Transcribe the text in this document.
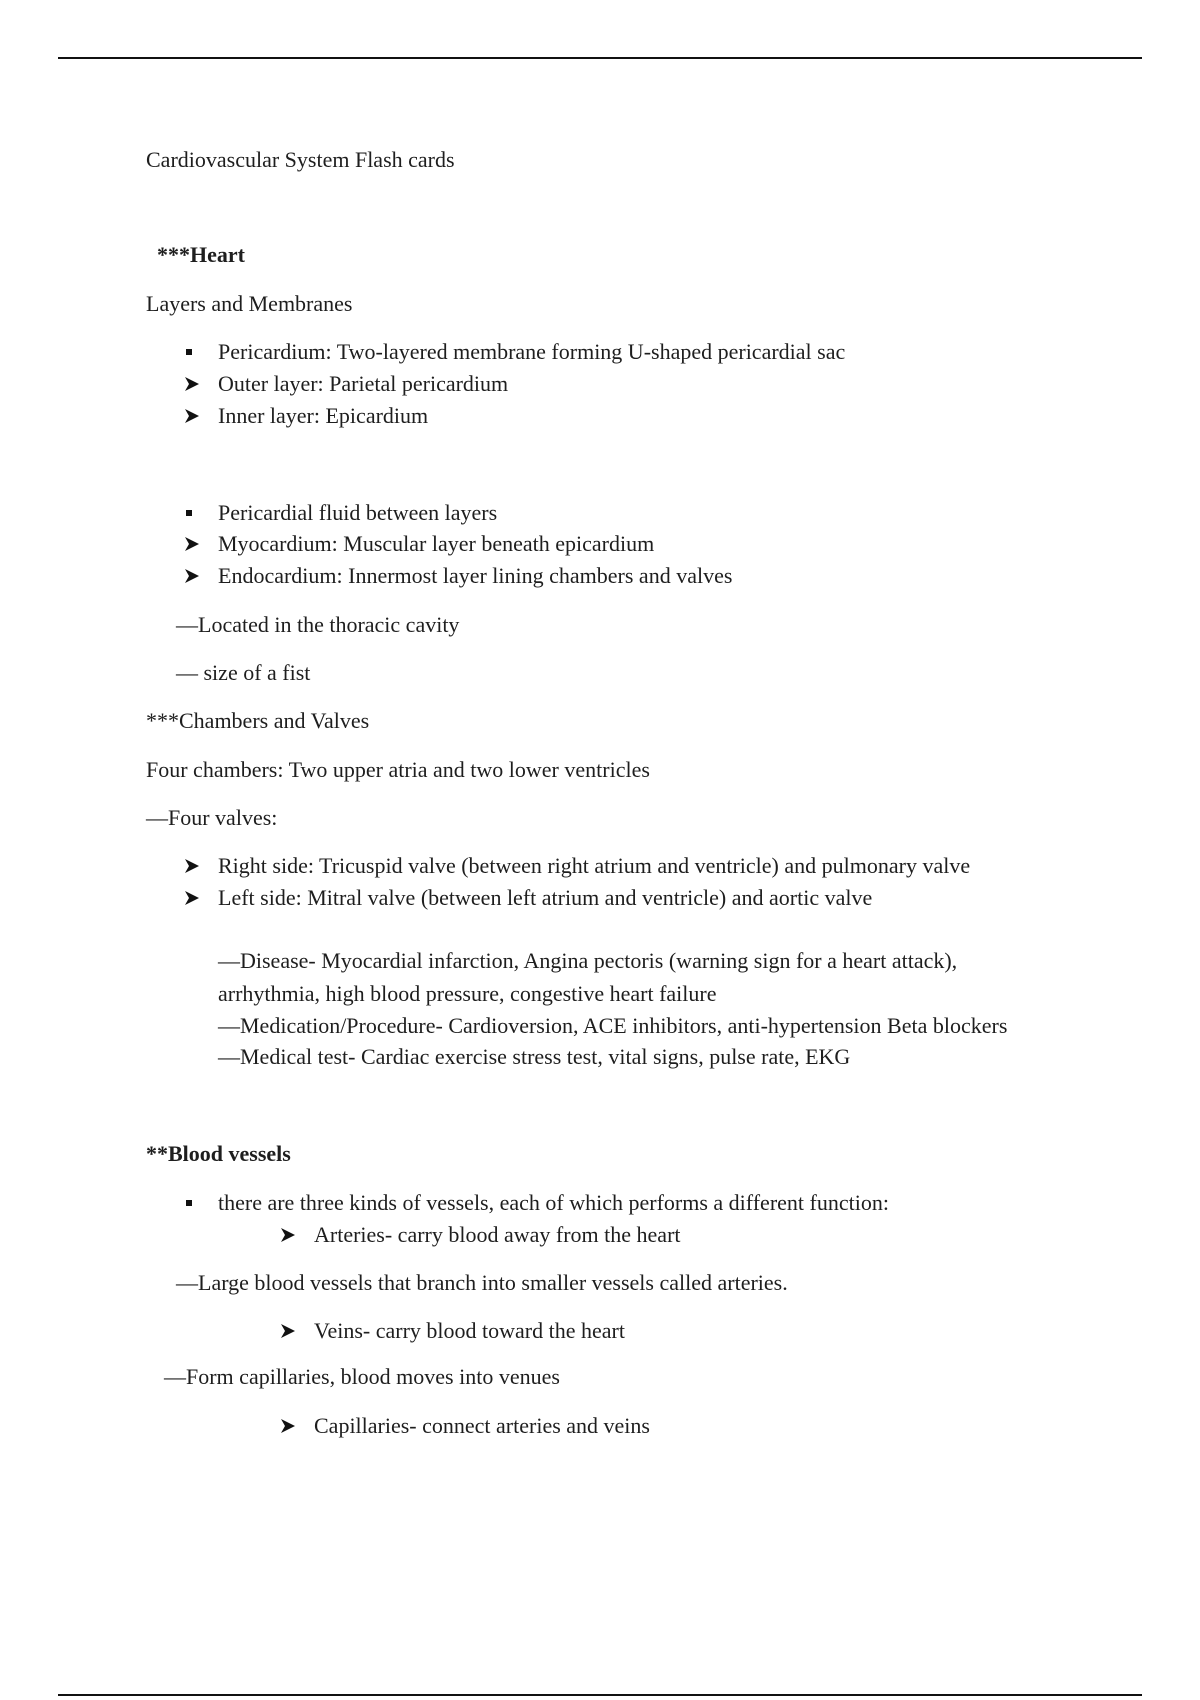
Cardiovascular System Flash cards
***Heart
Layers and Membranes
Pericardium: Two-layered membrane forming U-shaped pericardial sac
Outer layer: Parietal pericardium
Inner layer: Epicardium
Pericardial fluid between layers
Myocardium: Muscular layer beneath epicardium
Endocardium: Innermost layer lining chambers and valves
—Located in the thoracic cavity
— size of a fist
***Chambers and Valves
Four chambers: Two upper atria and two lower ventricles
—Four valves:
Right side: Tricuspid valve (between right atrium and ventricle) and pulmonary valve
Left side: Mitral valve (between left atrium and ventricle) and aortic valve
—Disease- Myocardial infarction, Angina pectoris (warning sign for a heart attack),
arrhythmia, high blood pressure, congestive heart failure
—Medication/Procedure- Cardioversion, ACE inhibitors, anti-hypertension Beta blockers
—Medical test- Cardiac exercise stress test, vital signs, pulse rate, EKG
**Blood vessels
there are three kinds of vessels, each of which performs a different function:
Arteries- carry blood away from the heart
—Large blood vessels that branch into smaller vessels called arteries.
Veins- carry blood toward the heart
—Form capillaries, blood moves into venues
Capillaries- connect arteries and veins
